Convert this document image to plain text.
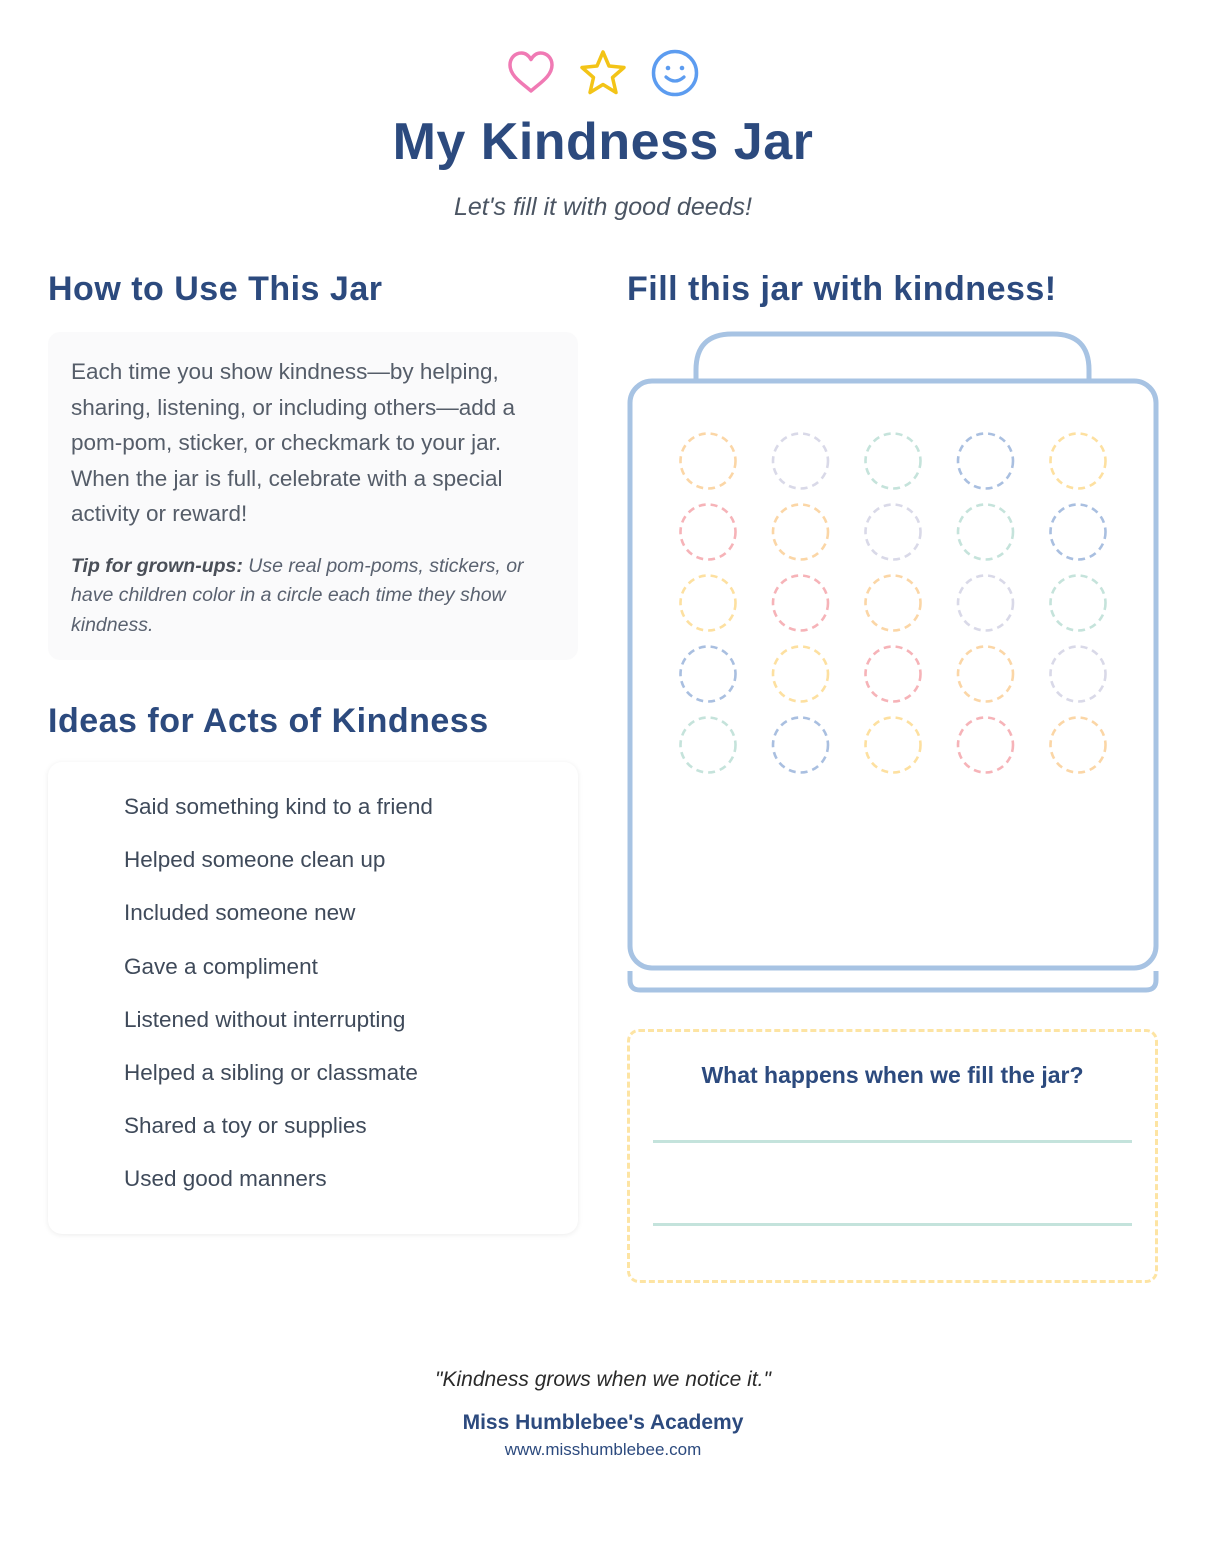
My Kindness Jar
Let's fill it with good deeds!
How to Use This Jar
Each time you show kindness—by helping, sharing, listening, or including others—add a pom-pom, sticker, or checkmark to your jar. When the jar is full, celebrate with a special activity or reward!
Tip for grown-ups: Use real pom-poms, stickers, or have children color in a circle each time they show kindness.
Ideas for Acts of Kindness
Said something kind to a friend
Helped someone clean up
Included someone new
Gave a compliment
Listened without interrupting
Helped a sibling or classmate
Shared a toy or supplies
Used good manners
Fill this jar with kindness!
What happens when we fill the jar?
"Kindness grows when we notice it."
Miss Humblebee's Academy
www.misshumblebee.com
